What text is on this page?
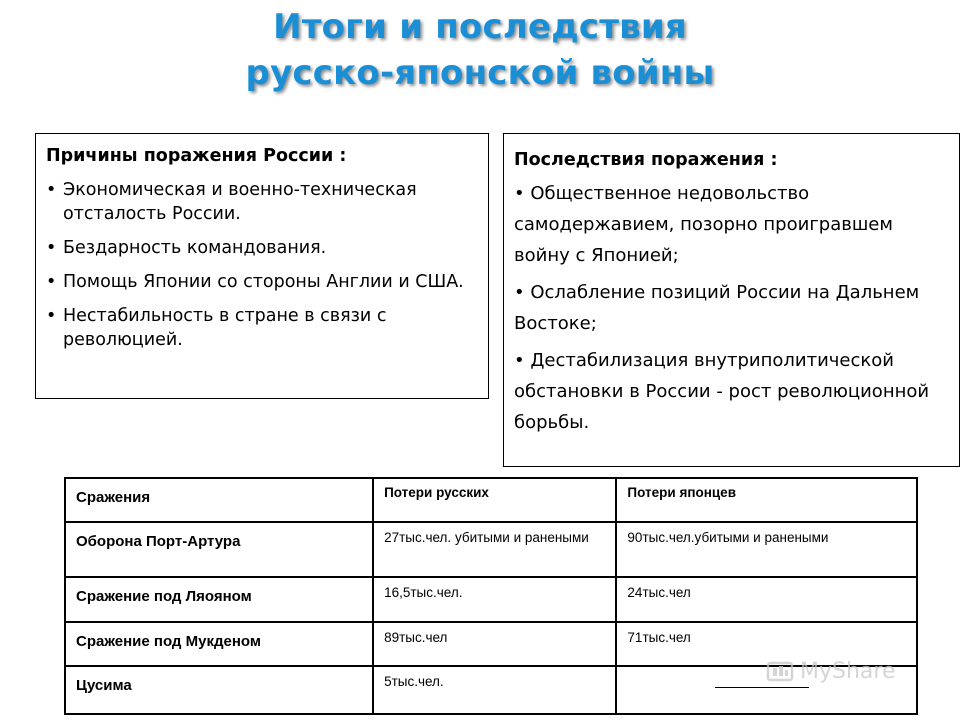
Итоги и последствия
русско-японской войны
Причины поражения России :
• Экономическая и военно-техническая отсталость России.
• Бездарность командования.
• Помощь Японии со стороны Англии и США.
• Нестабильность в стране в связи с революцией.
Последствия поражения :

• Общественное недовольство самодержавием, позорно проигравшем войну с Японией;

• Ослабление позиций России на Дальнем Востоке;

• Дестабилизация внутриполитической обстановки в России - рост революционной борьбы.

Сражения	Потери русских	Потери японцев
Оборона Порт-Артура	27тыс.чел. убитыми и ранеными	90тыс.чел.убитыми и ранеными
Сражение под Ляояном	16,5тыс.чел.	24тыс.чел
Сражение под Мукденом	89тыс.чел	71тыс.чел
Цусима	5тыс.чел.		MyShare
